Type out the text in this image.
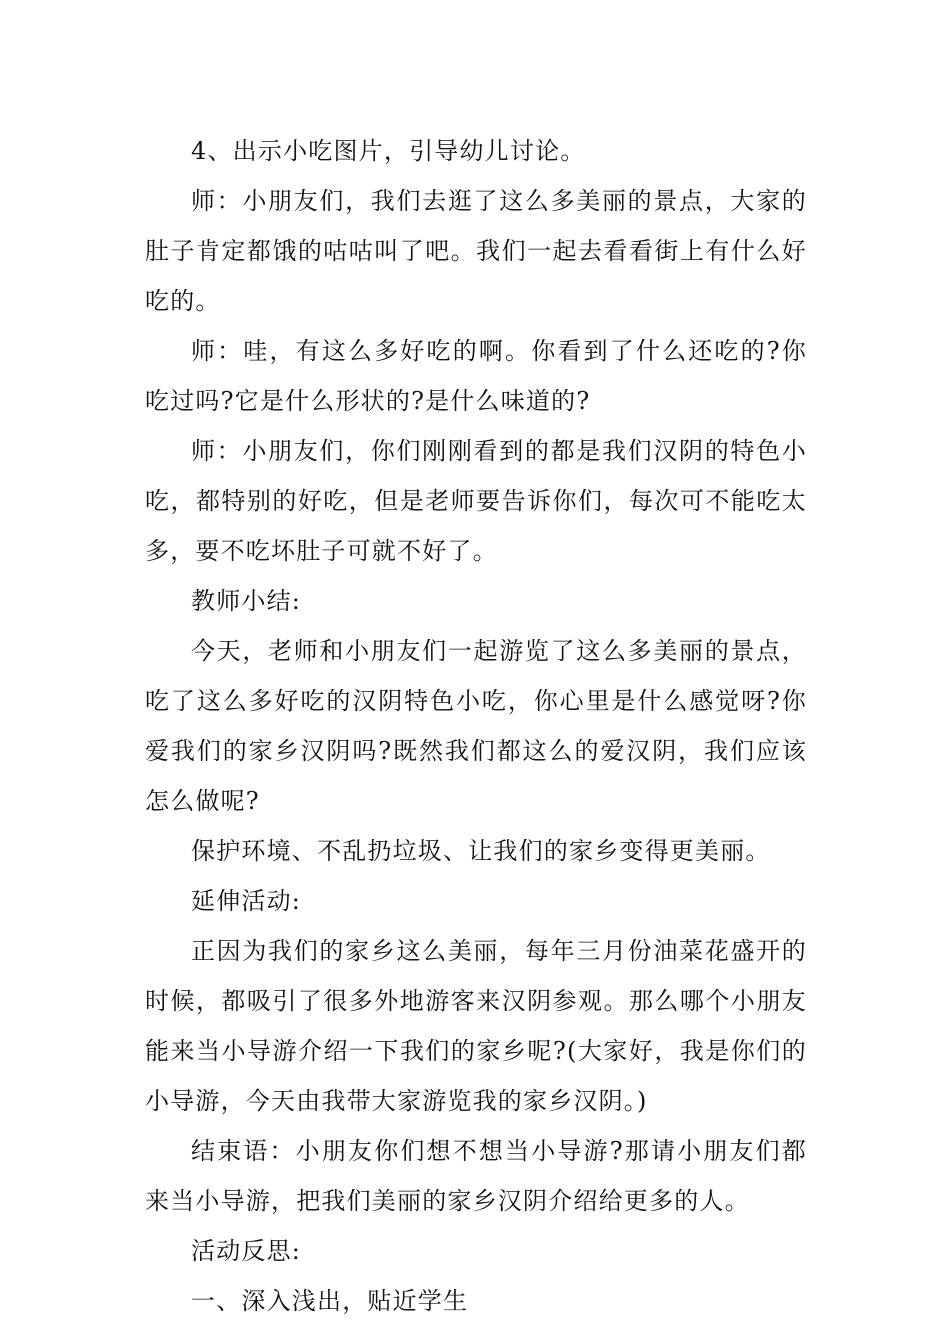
4、出示小吃图片，引导幼儿讨论。

师：小朋友们，我们去逛了这么多美丽的景点，大家的肚子肯定都饿的咕咕叫了吧。我们一起去看看街上有什么好吃的。

师：哇，有这么多好吃的啊。你看到了什么还吃的?你吃过吗?它是什么形状的?是什么味道的?

师：小朋友们，你们刚刚看到的都是我们汉阴的特色小吃，都特别的好吃，但是老师要告诉你们，每次可不能吃太多，要不吃坏肚子可就不好了。

教师小结:

今天，老师和小朋友们一起游览了这么多美丽的景点，吃了这么多好吃的汉阴特色小吃，你心里是什么感觉呀?你爱我们的家乡汉阴吗?既然我们都这么的爱汉阴，我们应该怎么做呢?

保护环境、不乱扔垃圾、让我们的家乡变得更美丽。

延伸活动:

正因为我们的家乡这么美丽，每年三月份油菜花盛开的时候，都吸引了很多外地游客来汉阴参观。那么哪个小朋友能来当小导游介绍一下我们的家乡呢?(大家好，我是你们的小导游，今天由我带大家游览我的家乡汉阴。)

结束语：小朋友你们想不想当小导游?那请小朋友们都来当小导游，把我们美丽的家乡汉阴介绍给更多的人。

活动反思:

一、深入浅出，贴近学生
